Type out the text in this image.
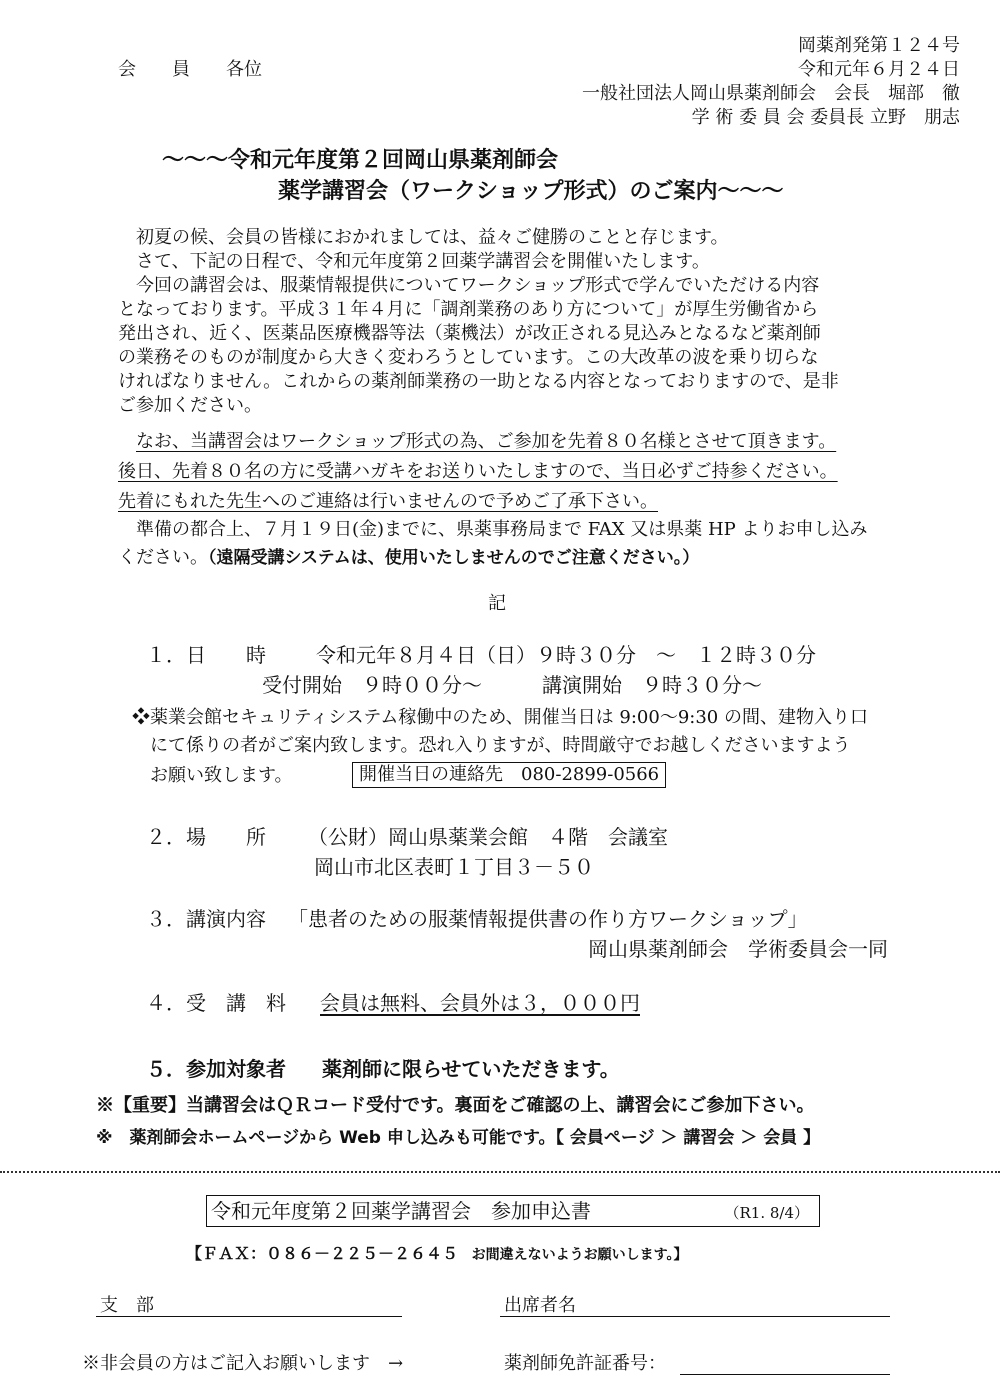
会　　員　　各位
岡薬剤発第１２４号
令和元年６月２４日
一般社団法人岡山県薬剤師会　会長　堀部　徹
学 術 委 員 会 委員長 立野　朋志
～～～令和元年度第２回岡山県薬剤師会
薬学講習会（ワークショップ形式）のご案内～～～
初夏の候、会員の皆様におかれましては、益々ご健勝のことと存じます。
さて、下記の日程で、令和元年度第２回薬学講習会を開催いたします。
今回の講習会は、服薬情報提供についてワークショップ形式で学んでいただける内容
となっております。平成３１年４月に「調剤業務のあり方について」が厚生労働省から
発出され、近く、医薬品医療機器等法（薬機法）が改正される見込みとなるなど薬剤師
の業務そのものが制度から大きく変わろうとしています。この大改革の波を乗り切らな
ければなりません。これからの薬剤師業務の一助となる内容となっておりますので、是非
ご参加ください。
なお、当講習会はワークショップ形式の為、ご参加を先着８０名様とさせて頂きます。
後日、先着８０名の方に受講ハガキをお送りいたしますので、当日必ずご持参ください。
先着にもれた先生へのご連絡は行いませんので予めご了承下さい。
準備の都合上、７月１９日(金)までに、県薬事務局まで FAX 又は県薬 HP よりお申し込み
ください。（遠隔受講システムは、使用いたしませんのでご注意ください。）
記
１．日　　時	令和元年８月４日（日）９時３０分　～　１２時３０分
受付開始　９時００分～　　　講演開始　９時３０分～
❖薬業会館セキュリティシステム稼働中のため、開催当日は 9:00～9:30 の間、建物入り口
にて係りの者がご案内致します。恐れ入りますが、時間厳守でお越しくださいますよう
お願い致します。	開催当日の連絡先　080-2899-0566
２．場　　所 （公財）岡山県薬業会館　４階　会議室
岡山市北区表町１丁目３－５０
３．講演内容 「患者のための服薬情報提供書の作り方ワークショップ」
岡山県薬剤師会　学術委員会一同
４．受　講　料 会員は無料、会員外は３，０００円
５．参加対象者 薬剤師に限らせていただきます。
※【重要】当講習会はＱＲコード受付です。裏面をご確認の上、講習会にご参加下さい。
※　薬剤師会ホームページから Web 申し込みも可能です。【 会員ページ ＞ 講習会 ＞ 会員 】
令和元年度第２回薬学講習会　参加申込書	（R1. 8/4）
【ＦＡＸ：０８６－２２５－２６４５ お間違えないようお願いします。】
支　部	出席者名
※非会員の方はご記入お願いします　→	薬剤師免許証番号：
